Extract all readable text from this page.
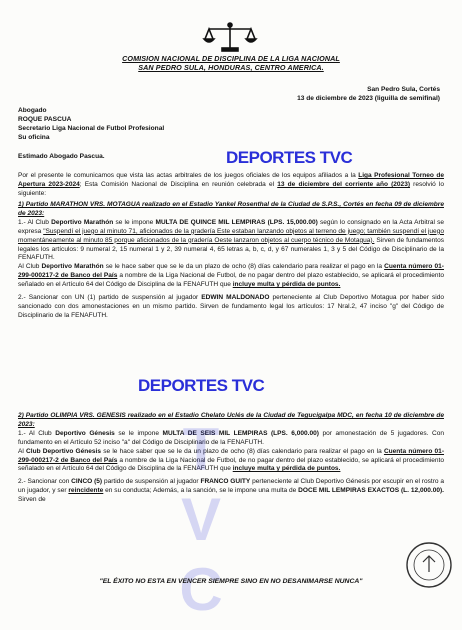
COMISION NACIONAL DE DISCIPLINA DE LA LIGA NACIONAL
SAN PEDRO SULA, HONDURAS, CENTRO AMERICA.
San Pedro Sula, Cortés
13 de diciembre de 2023 (liguilla de semifinal)
Abogado
ROQUE PASCUA
Secretario Liga Nacional de Futbol Profesional
Su oficina
Estimado Abogado Pascua.	DEPORTES TVC

Por el presente le comunicamos que vista las actas arbitrales de los juegos oficiales de los equipos afiliados a la Liga Profesional Torneo de Apertura 2023-2024; Esta Comisión Nacional de Disciplina en reunión celebrada el 13 de diciembre del corriente año (2023) resolvió lo siguiente:

1) Partido MARATHON VRS. MOTAGUA realizado en el Estadio Yankel Rosenthal de la Ciudad de S.P.S., Cortés en fecha 09 de diciembre de 2023:

1.- Al Club Deportivo Marathón se le impone MULTA DE QUINCE MIL LEMPIRAS (LPS. 15,000.00) según lo consignado en la Acta Arbitral se expresa "Suspendí el juego al minuto 71, aficionados de la gradería Este estaban lanzando objetos al terreno de juego; también suspendí el juego momentáneamente al minuto 85 porque aficionados de la gradería Oeste lanzaron objetos al cuerpo técnico de Motagua). Sirven de fundamentos legales los artículos: 9 numeral 2, 15 numeral 1 y 2, 39 numeral 4, 65 letras a, b, c, d, y 67 numerales 1, 3 y 5 del Código de Disciplinario de la FENAFUTH.

Al Club Deportivo Marathón se le hace saber que se le da un plazo de ocho (8) días calendario para realizar el pago en la Cuenta número 01-299-000217-2 de Banco del País a nombre de la Liga Nacional de Futbol, de no pagar dentro del plazo establecido, se aplicará el procedimiento señalado en el Artículo 64 del Código de Disciplina de la FENAFUTH que incluye multa y pérdida de puntos.

2.- Sancionar con UN (1) partido de suspensión al jugador EDWIN MALDONADO perteneciente al Club Deportivo Motagua por haber sido sancionado con dos amonestaciones en un mismo partido. Sirven de fundamento legal los artículos: 17 Nral.2, 47 inciso "g" del Código de Disciplinario de la FENAFUTH.

DEPORTES TVC

2) Partido OLIMPIA VRS. GENESIS realizado en el Estadio Chelato Uclés de la Ciudad de Tegucigalpa MDC, en fecha 10 de diciembre de 2023:

1.- Al Club Deportivo Génesis se le impone MULTA DE SEIS MIL LEMPIRAS (LPS. 6,000.00) por amonestación de 5 jugadores. Con fundamento en el Artículo 52 inciso "a" del Código de Disciplinario de la FENAFUTH.

Al Club Deportivo Génesis se le hace saber que se le da un plazo de ocho (8) días calendario para realizar el pago en la Cuenta número 01-299-000217-2 de Banco del País a nombre de la Liga Nacional de Futbol, de no pagar dentro del plazo establecido, se aplicará el procedimiento señalado en el Artículo 64 del Código de Disciplina de la FENAFUTH que incluye multa y pérdida de puntos.

2.- Sancionar con CINCO (5) partido de suspensión al jugador FRANCO GUITY perteneciente al Club Deportivo Génesis por escupir en el rostro a un jugador, y ser reincidente en su conducta; Además, a la sanción, se le impone una multa de DOCE MIL LEMPIRAS EXACTOS (L. 12,000.00). Sirven de

T
V
C
"EL ÉXITO NO ESTA EN VENCER SIEMPRE SINO EN NO DESANIMARSE NUNCA"
